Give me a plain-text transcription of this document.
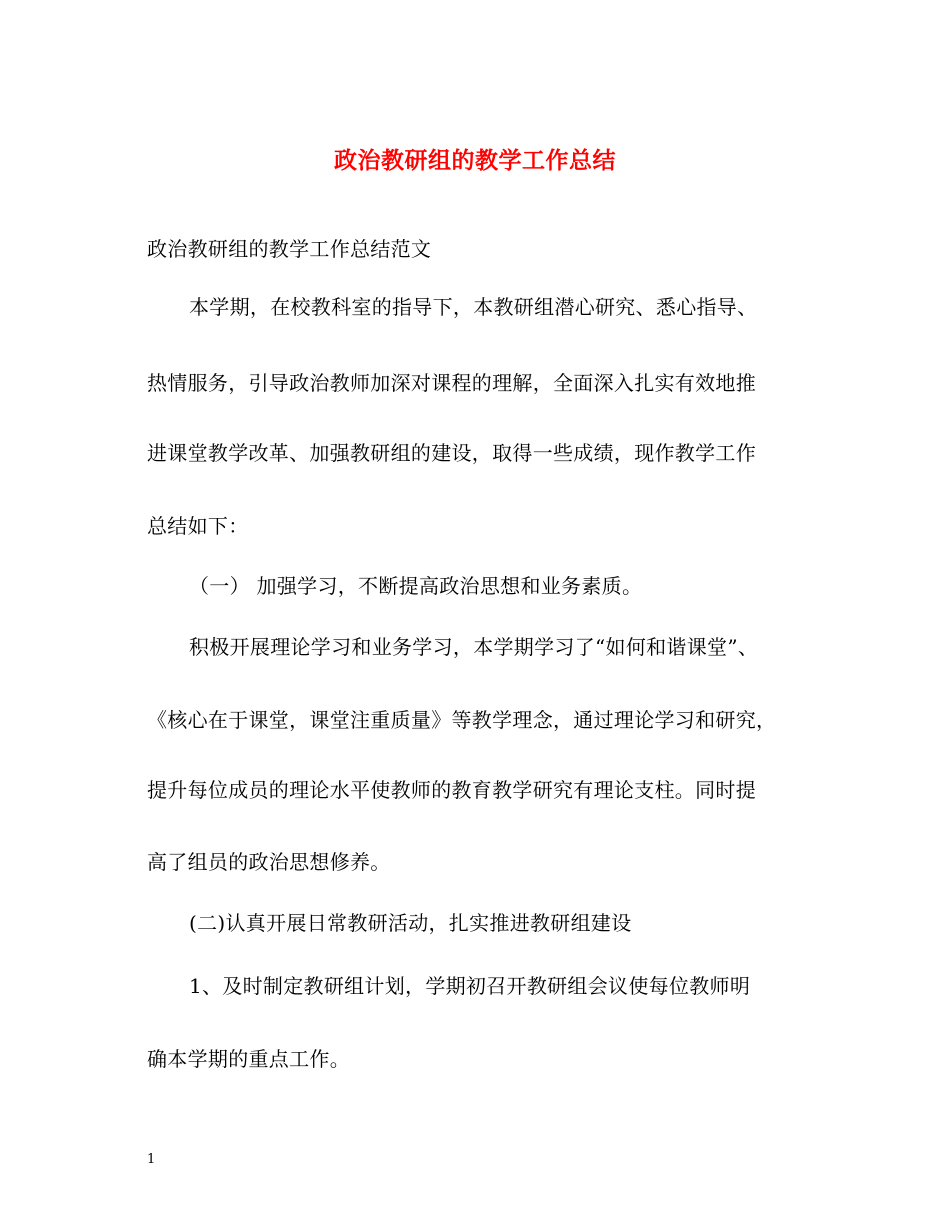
政治教研组的教学工作总结
政治教研组的教学工作总结范文
本学期，在校教科室的指导下，本教研组潜心研究、悉心指导、
热情服务，引导政治教师加深对课程的理解，全面深入扎实有效地推
进课堂教学改革、加强教研组的建设，取得一些成绩，现作教学工作
总结如下：
（一） 加强学习，不断提高政治思想和业务素质。
积极开展理论学习和业务学习，本学期学习了“如何和谐课堂”、
《核心在于课堂，课堂注重质量》等教学理念，通过理论学习和研究，
提升每位成员的理论水平使教师的教育教学研究有理论支柱。同时提
高了组员的政治思想修养。
(二)认真开展日常教研活动，扎实推进教研组建设
1、及时制定教研组计划，学期初召开教研组会议使每位教师明
确本学期的重点工作。
1
